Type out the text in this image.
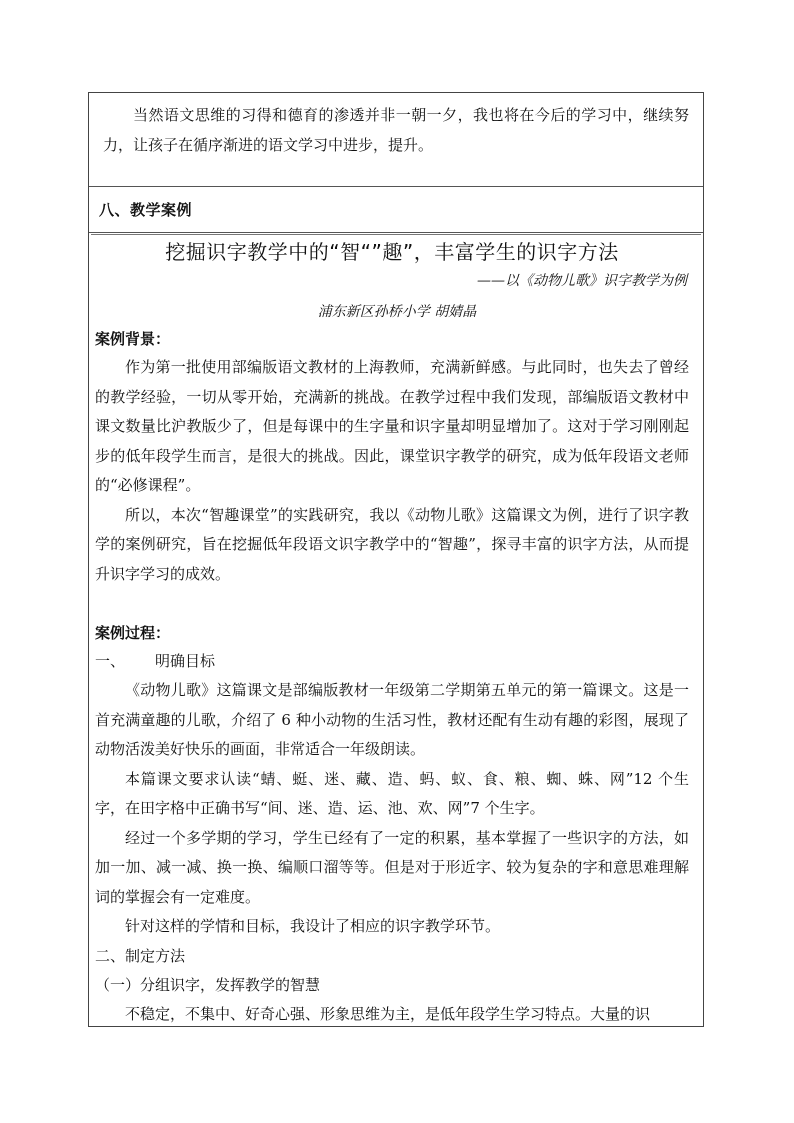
当然语文思维的习得和德育的渗透并非一朝一夕，我也将在今后的学习中，继续努力，让孩子在循序渐进的语文学习中进步，提升。

八、教学案例
挖掘识字教学中的“智“”趣”，丰富学生的识字方法
——以《动物儿歌》识字教学为例
浦东新区孙桥小学 胡婧晶
案例背景：

作为第一批使用部编版语文教材的上海教师，充满新鲜感。与此同时，也失去了曾经的教学经验，一切从零开始，充满新的挑战。在教学过程中我们发现，部编版语文教材中课文数量比沪教版少了，但是每课中的生字量和识字量却明显增加了。这对于学习刚刚起步的低年段学生而言，是很大的挑战。因此，课堂识字教学的研究，成为低年段语文老师的“必修课程”。

所以，本次“智趣课堂”的实践研究，我以《动物儿歌》这篇课文为例，进行了识字教学的案例研究，旨在挖掘低年段语文识字教学中的“智趣”，探寻丰富的识字方法，从而提升识字学习的成效。

案例过程：
一、 明确目标

《动物儿歌》这篇课文是部编版教材一年级第二学期第五单元的第一篇课文。这是一首充满童趣的儿歌，介绍了 6 种小动物的生活习性，教材还配有生动有趣的彩图，展现了动物活泼美好快乐的画面，非常适合一年级朗读。

本篇课文要求认读“蜻、蜓、迷、藏、造、蚂、蚁、食、粮、蜘、蛛、网”12 个生字，在田字格中正确书写“间、迷、造、运、池、欢、网”7 个生字。

经过一个多学期的学习，学生已经有了一定的积累，基本掌握了一些识字的方法，如加一加、减一减、换一换、编顺口溜等等。但是对于形近字、较为复杂的字和意思难理解词的掌握会有一定难度。

针对这样的学情和目标，我设计了相应的识字教学环节。

二、制定方法
（一）分组识字，发挥教学的智慧

不稳定，不集中、好奇心强、形象思维为主，是低年段学生学习特点。大量的识
